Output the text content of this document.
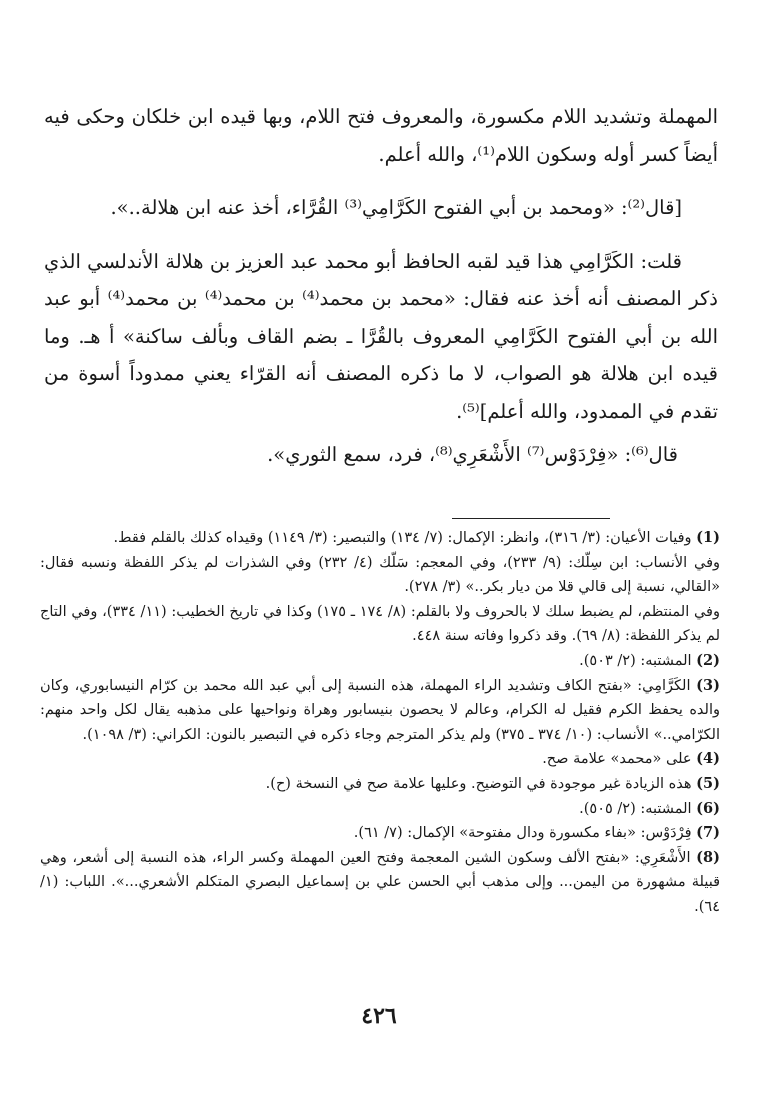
المهملة وتشديد اللام مكسورة، والمعروف فتح اللام، وبها قيده ابن خلكان وحكى فيه أيضاً كسر أوله وسكون اللام⁽¹⁾، والله أعلم.

[قال⁽²⁾: «ومحمد بن أبي الفتوح الكَرَّامِي⁽³⁾ القُرَّاء، أخذ عنه ابن هلالة..».

قلت: الكَرَّامِي هذا قيد لقبه الحافظ أبو محمد عبد العزيز بن هلالة الأندلسي الذي ذكر المصنف أنه أخذ عنه فقال: «محمد بن محمد⁽⁴⁾ بن محمد⁽⁴⁾ بن محمد⁽⁴⁾ أبو عبد الله بن أبي الفتوح الكَرَّامِي المعروف بالقُرَّا ـ بضم القاف وبألف ساكنة» أ هـ. وما قيده ابن هلالة هو الصواب، لا ما ذكره المصنف أنه القرّاء يعني ممدوداً أسوة من تقدم في الممدود، والله أعلم]⁽⁵⁾.

قال⁽⁶⁾: «فِرْدَوْس⁽⁷⁾ الأَشْعَرِي⁽⁸⁾، فرد، سمع الثوري».

(1) وفيات الأعيان: (٣/ ٣١٦)، وانظر: الإكمال: (٧/ ١٣٤) والتبصير: (٣/ ١١٤٩) وقيداه كذلك بالقلم فقط.

وفي الأنساب: ابن سِلّك: (٩/ ٢٣٣)، وفي المعجم: سَلّك (٤/ ٢٣٢) وفي الشذرات لم يذكر اللفظة ونسبه فقال: «القالي، نسبة إلى قالي قلا من ديار بكر..» (٣/ ٢٧٨).

وفي المنتظم، لم يضبط سلك لا بالحروف ولا بالقلم: (٨/ ١٧٤ ـ ١٧٥) وكذا في تاريخ الخطيب: (١١/ ٣٣٤)، وفي التاج لم يذكر اللفظة: (٨/ ٦٩). وقد ذكروا وفاته سنة ٤٤٨.

(2) المشتبه: (٢/ ٥٠٣).

(3) الكَرَّامِي: «بفتح الكاف وتشديد الراء المهملة، هذه النسبة إلى أبي عبد الله محمد بن كرّام النيسابوري، وكان والده يحفظ الكرم فقيل له الكرام، وعالم لا يحصون بنيسابور وهراة ونواحيها على مذهبه يقال لكل واحد منهم: الكرّامي..» الأنساب: (١٠/ ٣٧٤ ـ ٣٧٥) ولم يذكر المترجم وجاء ذكره في التبصير بالنون: الكراني: (٣/ ١٠٩٨).

(4) على «محمد» علامة صح.

(5) هذه الزيادة غير موجودة في التوضيح. وعليها علامة صح في النسخة (ح).

(6) المشتبه: (٢/ ٥٠٥).

(7) فِرْدَوْس: «بفاء مكسورة ودال مفتوحة» الإكمال: (٧/ ٦١).

(8) الأَشْعَرِي: «بفتح الألف وسكون الشين المعجمة وفتح العين المهملة وكسر الراء، هذه النسبة إلى أشعر، وهي قبيلة مشهورة من اليمن... وإلى مذهب أبي الحسن علي بن إسماعيل البصري المتكلم الأشعري...». اللباب: (١/ ٦٤).

٤٢٦
